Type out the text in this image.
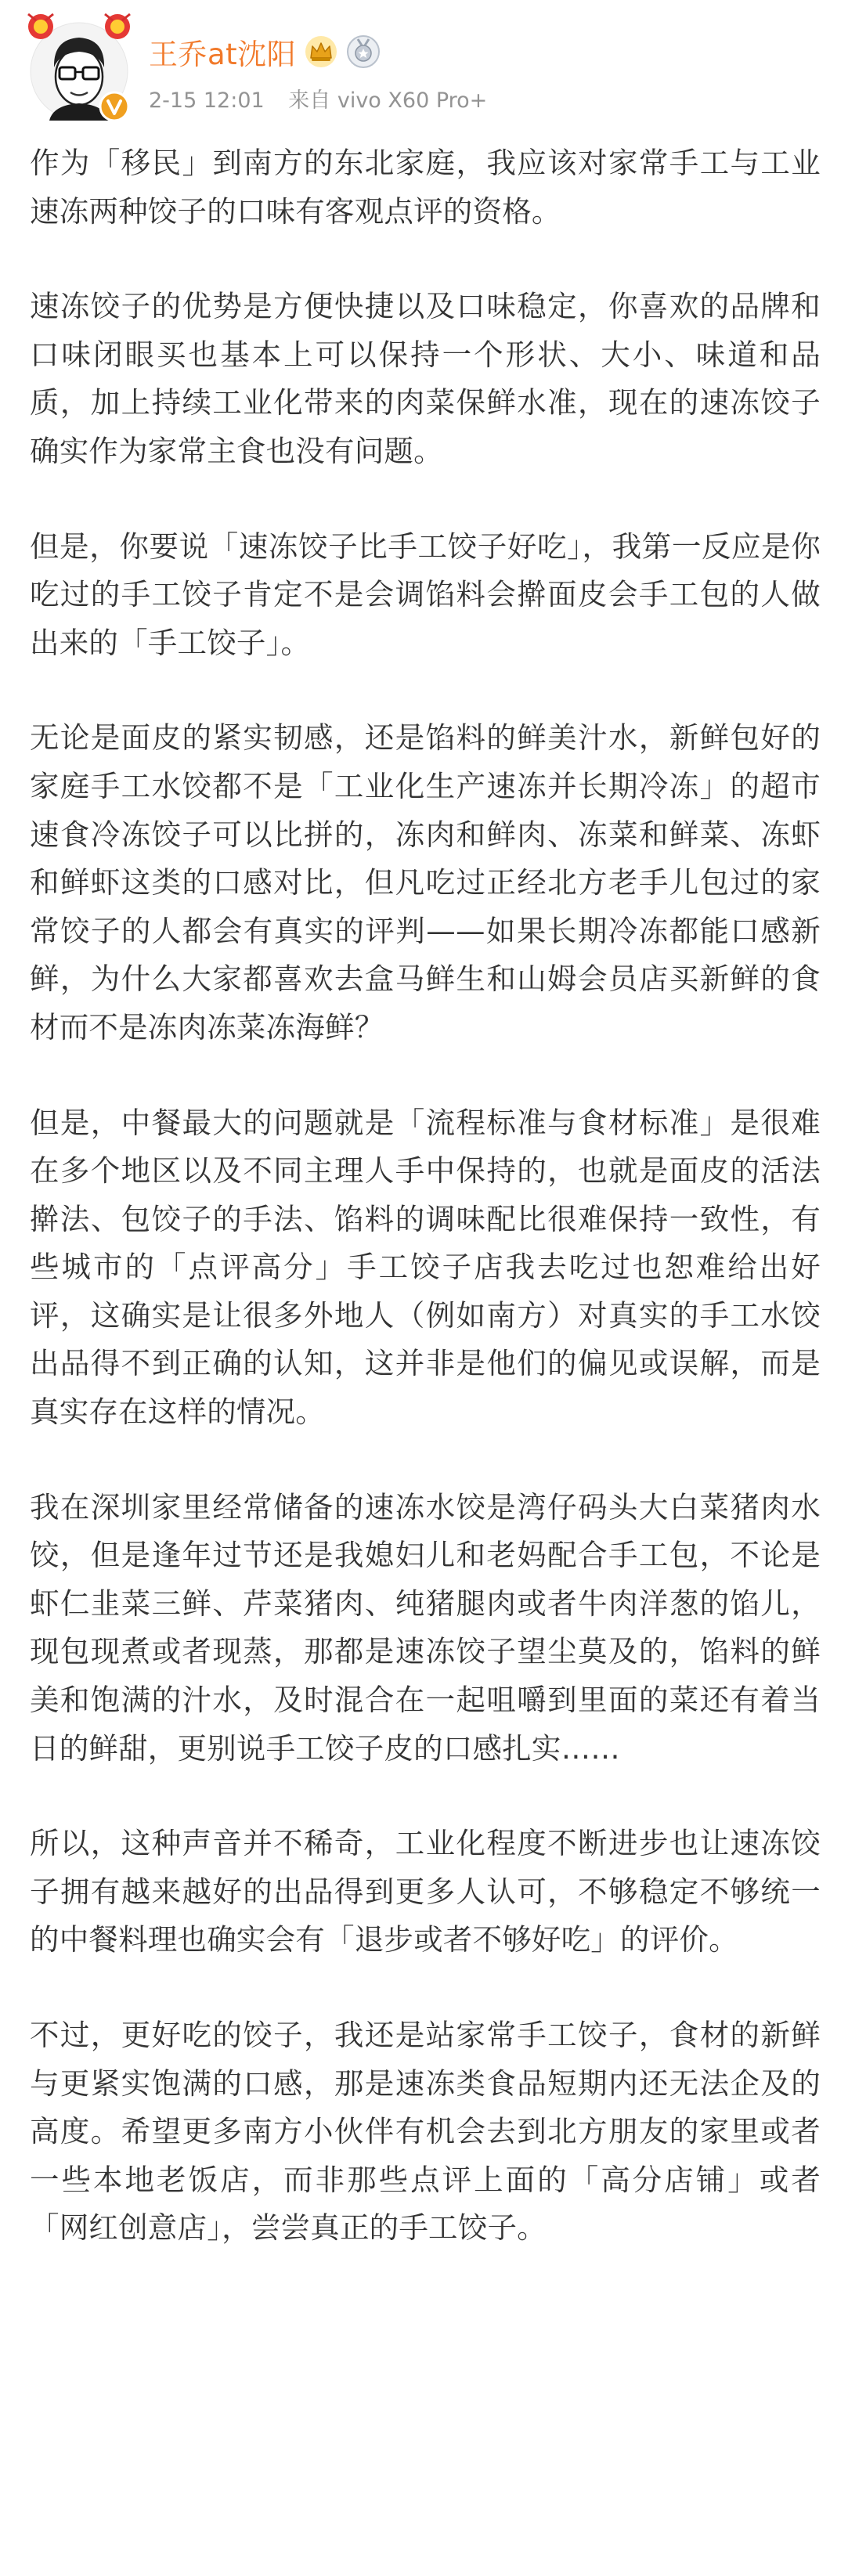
王乔at沈阳
2-15 12:01 来自 vivo X60 Pro+

作为「移民」到南方的东北家庭，我应该对家常手工与工业速冻两种饺子的口味有客观点评的资格。

速冻饺子的优势是方便快捷以及口味稳定，你喜欢的品牌和口味闭眼买也基本上可以保持一个形状、大小、味道和品质，加上持续工业化带来的肉菜保鲜水准，现在的速冻饺子确实作为家常主食也没有问题。

但是，你要说「速冻饺子比手工饺子好吃」，我第一反应是你吃过的手工饺子肯定不是会调馅料会擀面皮会手工包的人做出来的「手工饺子」。

无论是面皮的紧实韧感，还是馅料的鲜美汁水，新鲜包好的家庭手工水饺都不是「工业化生产速冻并长期冷冻」的超市速食冷冻饺子可以比拼的，冻肉和鲜肉、冻菜和鲜菜、冻虾和鲜虾这类的口感对比，但凡吃过正经北方老手儿包过的家常饺子的人都会有真实的评判——如果长期冷冻都能口感新鲜，为什么大家都喜欢去盒马鲜生和山姆会员店买新鲜的食材而不是冻肉冻菜冻海鲜？

但是，中餐最大的问题就是「流程标准与食材标准」是很难在多个地区以及不同主理人手中保持的，也就是面皮的活法擀法、包饺子的手法、馅料的调味配比很难保持一致性，有些城市的「点评高分」手工饺子店我去吃过也恕难给出好评，这确实是让很多外地人（例如南方）对真实的手工水饺出品得不到正确的认知，这并非是他们的偏见或误解，而是真实存在这样的情况。

我在深圳家里经常储备的速冻水饺是湾仔码头大白菜猪肉水饺，但是逢年过节还是我媳妇儿和老妈配合手工包，不论是虾仁韭菜三鲜、芹菜猪肉、纯猪腿肉或者牛肉洋葱的馅儿，现包现煮或者现蒸，那都是速冻饺子望尘莫及的，馅料的鲜美和饱满的汁水，及时混合在一起咀嚼到里面的菜还有着当日的鲜甜，更别说手工饺子皮的口感扎实……

所以，这种声音并不稀奇，工业化程度不断进步也让速冻饺子拥有越来越好的出品得到更多人认可，不够稳定不够统一的中餐料理也确实会有「退步或者不够好吃」的评价。

不过，更好吃的饺子，我还是站家常手工饺子，食材的新鲜与更紧实饱满的口感，那是速冻类食品短期内还无法企及的高度。希望更多南方小伙伴有机会去到北方朋友的家里或者一些本地老饭店，而非那些点评上面的「高分店铺」或者「网红创意店」，尝尝真正的手工饺子。
